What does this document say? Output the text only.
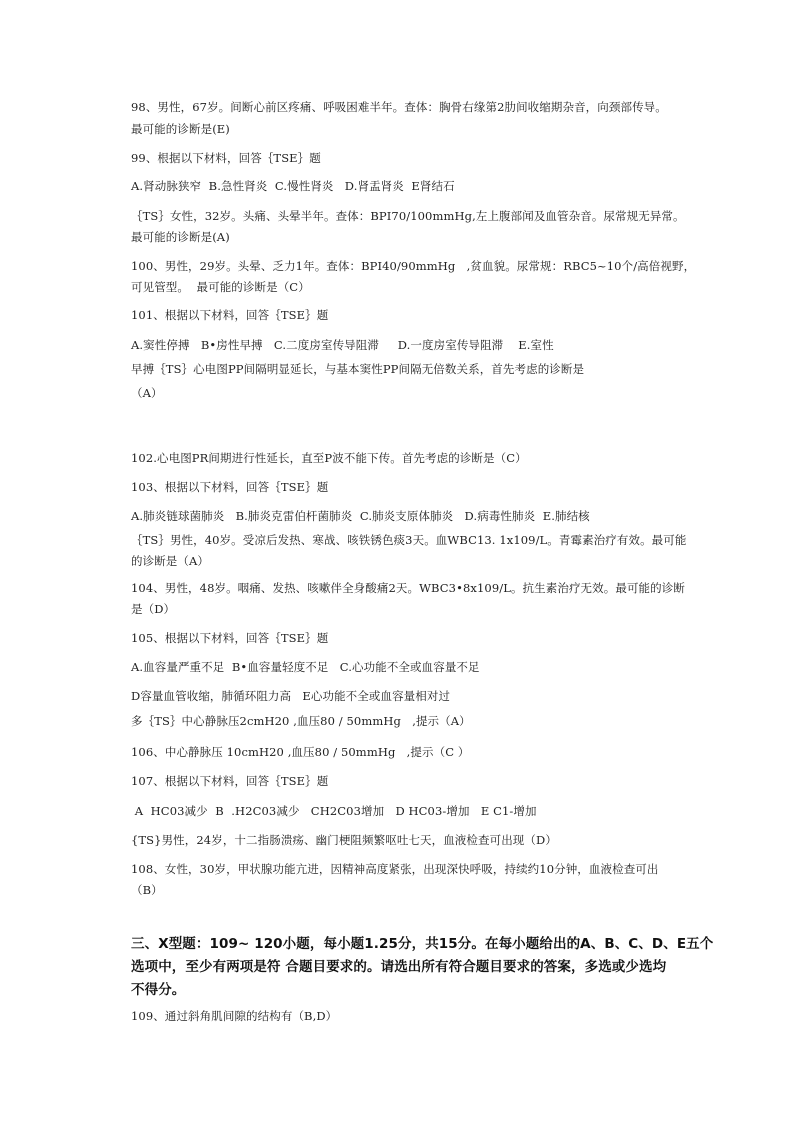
98、男性，67岁。间断心前区疼痛、呼吸困难半年。查体：胸骨右缘第2肋间收缩期杂音，向颈部传导。
最可能的诊断是(E)
99、根据以下材料，回答｛TSE｝题
A.肾动脉狭窄  B.急性肾炎  C.慢性肾炎   D.肾盂肾炎  E肾结石
｛TS｝女性，32岁。头痛、头晕半年。查体：BPI70/100mmHg,左上腹部闻及血管杂音。尿常规无异常。
最可能的诊断是(A)
100、男性，29岁。头晕、乏力1年。查体：BPI40/90mmHg   ,贫血貌。尿常规：RBC5~10个/高倍视野，
可见管型。  最可能的诊断是（C）
101、根据以下材料，回答｛TSE｝题
A.窦性停搏   B•房性早搏   C.二度房室传导阻滞     D.一度房室传导阻滞    E.室性
早搏｛TS｝心电图PP间隔明显延长，与基本窦性PP间隔无倍数关系，首先考虑的诊断是
（A）
102.心电图PR间期进行性延长，直至P波不能下传。首先考虑的诊断是（C）
103、根据以下材料，回答｛TSE｝题
A.肺炎链球菌肺炎   B.肺炎克雷伯杆菌肺炎  C.肺炎支原体肺炎   D.病毒性肺炎  E.肺结核
｛TS｝男性，40岁。受凉后发热、寒战、咳铁锈色痰3天。血WBC13. 1x109/L。青霉素治疗有效。最可能
的诊断是（A）
104、男性，48岁。咽痛、发热、咳嗽伴全身酸痛2天。WBC3•8x109/L。抗生素治疗无效。最可能的诊断
是（D）
105、根据以下材料，回答｛TSE｝题
A.血容量严重不足  B•血容量轻度不足   C.心功能不全或血容量不足
D容量血管收缩，肺循环阻力高   E心功能不全或血容量相对过
多｛TS｝中心静脉压2cmH20 ,血压80 / 50mmHg   ,提示（A）
106、中心静脉压 10cmH20 ,血压80 / 50mmHg   ,提示（C ）
107、根据以下材料，回答｛TSE｝题
A  HC03减少  B  .H2C03减少   CH2C03增加   D HC03-增加   E C1-增加
{TS}男性，24岁，十二指肠溃疡、幽门梗阻频繁呕吐七天，血液检查可出现（D）
108、女性，30岁，甲状腺功能亢进，因精神高度紧张，出现深快呼吸，持续约10分钟，血液检查可出
（B）
三、X型题：109~ 120小题，每小题1.25分，共15分。在每小题给出的A、B、C、D、E五个
选项中，至少有两项是符 合题目要求的。请选出所有符合题目要求的答案，多选或少选均
不得分。
109、通过斜角肌间隙的结构有（B,D）
